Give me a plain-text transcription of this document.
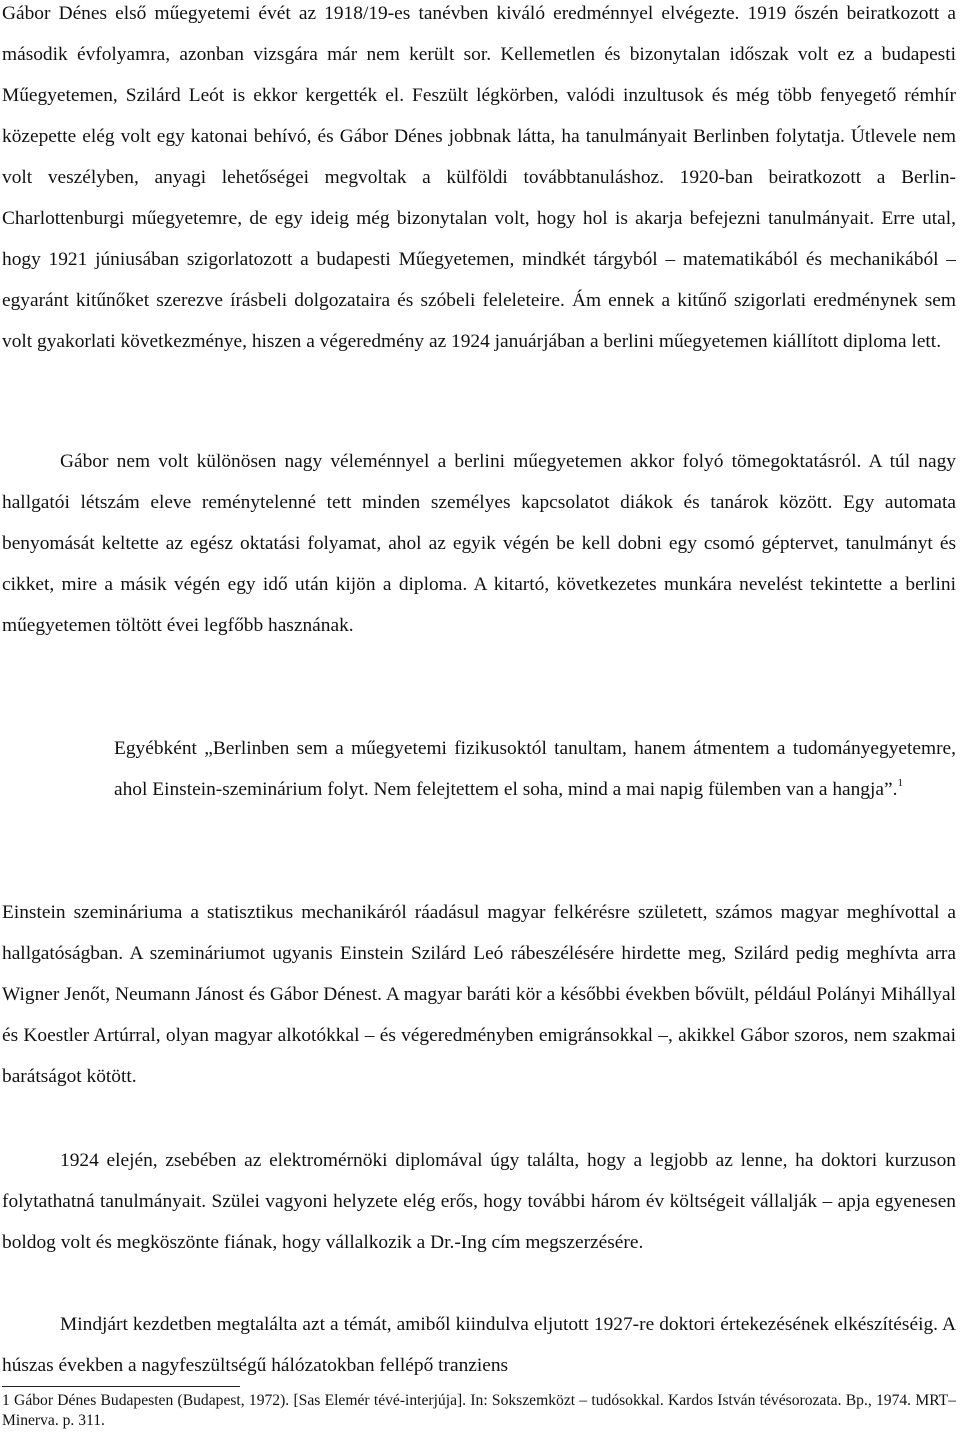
Gábor Dénes első műegyetemi évét az 1918/19-es tanévben kiváló eredménnyel elvégezte. 1919 őszén beiratkozott a második évfolyamra, azonban vizsgára már nem került sor. Kellemetlen és bizonytalan időszak volt ez a budapesti Műegyetemen, Szilárd Leót is ekkor kergették el. Feszült légkörben, valódi inzultusok és még több fenyegető rémhír közepette elég volt egy katonai behívó, és Gábor Dénes jobbnak látta, ha tanulmányait Berlinben folytatja. Útlevele nem volt veszélyben, anyagi lehetőségei megvoltak a külföldi továbbtanuláshoz. 1920-ban beiratkozott a Berlin-Charlottenburgi műegyetemre, de egy ideig még bizonytalan volt, hogy hol is akarja befejezni tanulmányait. Erre utal, hogy 1921 júniusában szigorlatozott a budapesti Műegyetemen, mindkét tárgyból – matematikából és mechanikából – egyaránt kitűnőket szerezve írásbeli dolgozataira és szóbeli feleleteire. Ám ennek a kitűnő szigorlati eredménynek sem volt gyakorlati következménye, hiszen a végeredmény az 1924 januárjában a berlini műegyetemen kiállított diploma lett.

Gábor nem volt különösen nagy véleménnyel a berlini műegyetemen akkor folyó tömegoktatásról. A túl nagy hallgatói létszám eleve reménytelenné tett minden személyes kapcsolatot diákok és tanárok között. Egy automata benyomását keltette az egész oktatási folyamat, ahol az egyik végén be kell dobni egy csomó géptervet, tanulmányt és cikket, mire a másik végén egy idő után kijön a diploma. A kitartó, következetes munkára nevelést tekintette a berlini műegyetemen töltött évei legfőbb hasznának.

Egyébként „Berlinben sem a műegyetemi fizikusoktól tanultam, hanem átmentem a tudományegyetemre, ahol Einstein-szeminárium folyt. Nem felejtettem el soha, mind a mai napig fülemben van a hangja”.$^1$

Einstein szemináriuma a statisztikus mechanikáról ráadásul magyar felkérésre született, számos magyar meghívottal a hallgatóságban. A szemináriumot ugyanis Einstein Szilárd Leó rábeszélésére hirdette meg, Szilárd pedig meghívta arra Wigner Jenőt, Neumann Jánost és Gábor Dénest. A magyar baráti kör a későbbi években bővült, például Polányi Mihállyal és Koestler Artúrral, olyan magyar alkotókkal – és végeredményben emigránsokkal –, akikkel Gábor szoros, nem szakmai barátságot kötött.

1924 elején, zsebében az elektromérnöki diplomával úgy találta, hogy a legjobb az lenne, ha doktori kurzuson folytathatná tanulmányait. Szülei vagyoni helyzete elég erős, hogy további három év költségeit vállalják – apja egyenesen boldog volt és megköszönte fiának, hogy vállalkozik a Dr.-Ing cím megszerzésére.

Mindjárt kezdetben megtalálta azt a témát, amiből kiindulva eljutott 1927-re doktori értekezésének elkészítéséig. A húszas években a nagyfeszültségű hálózatokban fellépő tranziens

1 Gábor Dénes Budapesten (Budapest, 1972). [Sas Elemér tévé-interjúja]. In: Sokszemközt – tudósokkal. Kardos István tévésorozata. Bp., 1974. MRT–Minerva. p. 311.
